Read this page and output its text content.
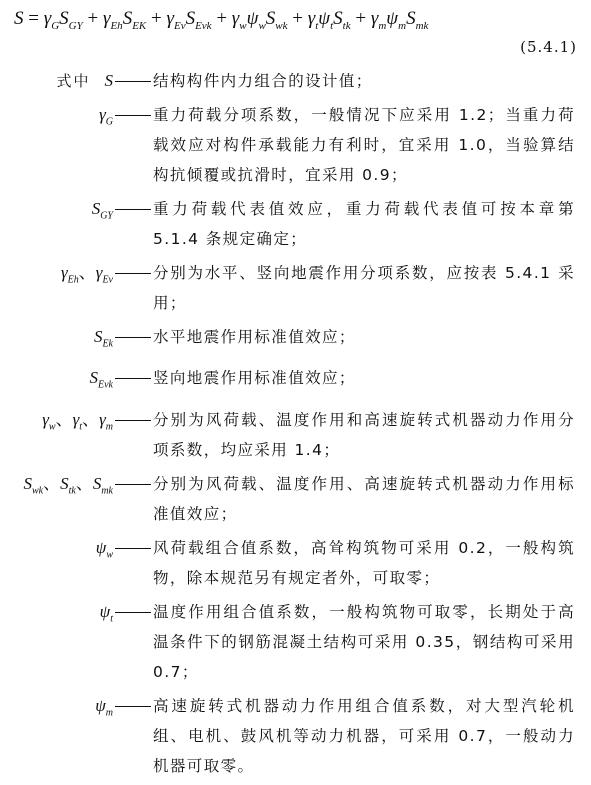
$S = \gamma_GS_{GY} + \gamma_{Eh}S_{EK} + \gamma_{Ev}S_{Evk} + \gamma_w\psi_wS_{wk} + \gamma_t\psi_tS_{tk} + \gamma_m\psi_mS_{mk}$
(5.4.1)
式中 S	结构构件内力组合的设计值；
$\gamma_G$	重力荷载分项系数，一般情况下应采用 1.2；当重力荷载效应对构件承载能力有利时，宜采用 1.0，当验算结构抗倾覆或抗滑时，宜采用 0.9；
$S_{GY}$	重力荷载代表值效应，重力荷载代表值可按本章第 5.1.4 条规定确定；
$\gamma_{Eh}$、$\gamma_{Ev}$	分别为水平、竖向地震作用分项系数，应按表 5.4.1 采用；
$S_{Ek}$	水平地震作用标准值效应；
$S_{Evk}$	竖向地震作用标准值效应；
$\gamma_w$、$\gamma_t$、$\gamma_m$	分别为风荷载、温度作用和高速旋转式机器动力作用分项系数，均应采用 1.4；
$S_{wk}$、$S_{tk}$、$S_{mk}$	分别为风荷载、温度作用、高速旋转式机器动力作用标准值效应；
$\psi_w$	风荷载组合值系数，高耸构筑物可采用 0.2，一般构筑物，除本规范另有规定者外，可取零；
$\psi_t$	温度作用组合值系数，一般构筑物可取零，长期处于高温条件下的钢筋混凝土结构可采用 0.35，钢结构可采用 0.7；
$\psi_m$	高速旋转式机器动力作用组合值系数，对大型汽轮机组、电机、鼓风机等动力机器，可采用 0.7，一般动力机器可取零。
